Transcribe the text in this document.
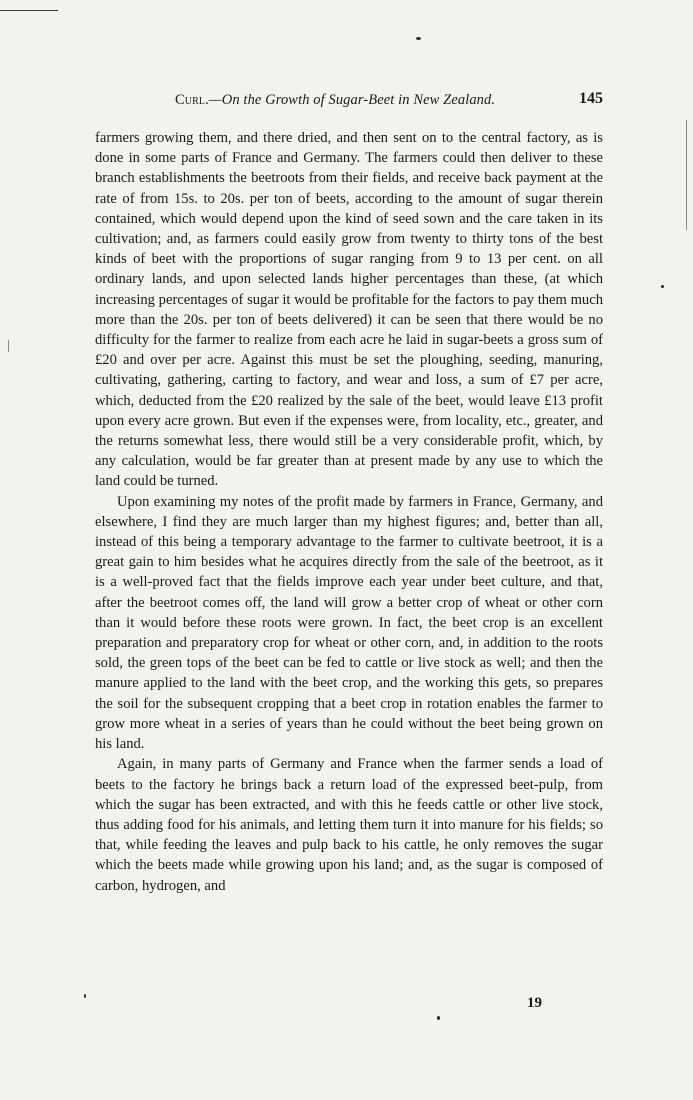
Curl.—On the Growth of Sugar-Beet in New Zealand.	145

farmers growing them, and there dried, and then sent on to the central factory, as is done in some parts of France and Germany. The farmers could then deliver to these branch establishments the beetroots from their fields, and receive back payment at the rate of from 15s. to 20s. per ton of beets, according to the amount of sugar therein contained, which would depend upon the kind of seed sown and the care taken in its cultivation; and, as farmers could easily grow from twenty to thirty tons of the best kinds of beet with the proportions of sugar ranging from 9 to 13 per cent. on all ordinary lands, and upon selected lands higher percentages than these, (at which increasing percentages of sugar it would be profitable for the factors to pay them much more than the 20s. per ton of beets delivered) it can be seen that there would be no difficulty for the farmer to realize from each acre he laid in sugar-beets a gross sum of £20 and over per acre. Against this must be set the ploughing, seeding, manuring, cultivating, gathering, carting to factory, and wear and loss, a sum of £7 per acre, which, deducted from the £20 realized by the sale of the beet, would leave £13 profit upon every acre grown. But even if the expenses were, from locality, etc., greater, and the returns somewhat less, there would still be a very considerable profit, which, by any calculation, would be far greater than at present made by any use to which the land could be turned.

Upon examining my notes of the profit made by farmers in France, Germany, and elsewhere, I find they are much larger than my highest figures; and, better than all, instead of this being a temporary advantage to the farmer to cultivate beetroot, it is a great gain to him besides what he acquires directly from the sale of the beetroot, as it is a well-proved fact that the fields improve each year under beet culture, and that, after the beetroot comes off, the land will grow a better crop of wheat or other corn than it would before these roots were grown. In fact, the beet crop is an excellent preparation and preparatory crop for wheat or other corn, and, in addition to the roots sold, the green tops of the beet can be fed to cattle or live stock as well; and then the manure applied to the land with the beet crop, and the working this gets, so prepares the soil for the subsequent cropping that a beet crop in rotation enables the farmer to grow more wheat in a series of years than he could without the beet being grown on his land.

Again, in many parts of Germany and France when the farmer sends a load of beets to the factory he brings back a return load of the expressed beet-pulp, from which the sugar has been extracted, and with this he feeds cattle or other live stock, thus adding food for his animals, and letting them turn it into manure for his fields; so that, while feeding the leaves and pulp back to his cattle, he only removes the sugar which the beets made while growing upon his land; and, as the sugar is composed of carbon, hydrogen, and

19
